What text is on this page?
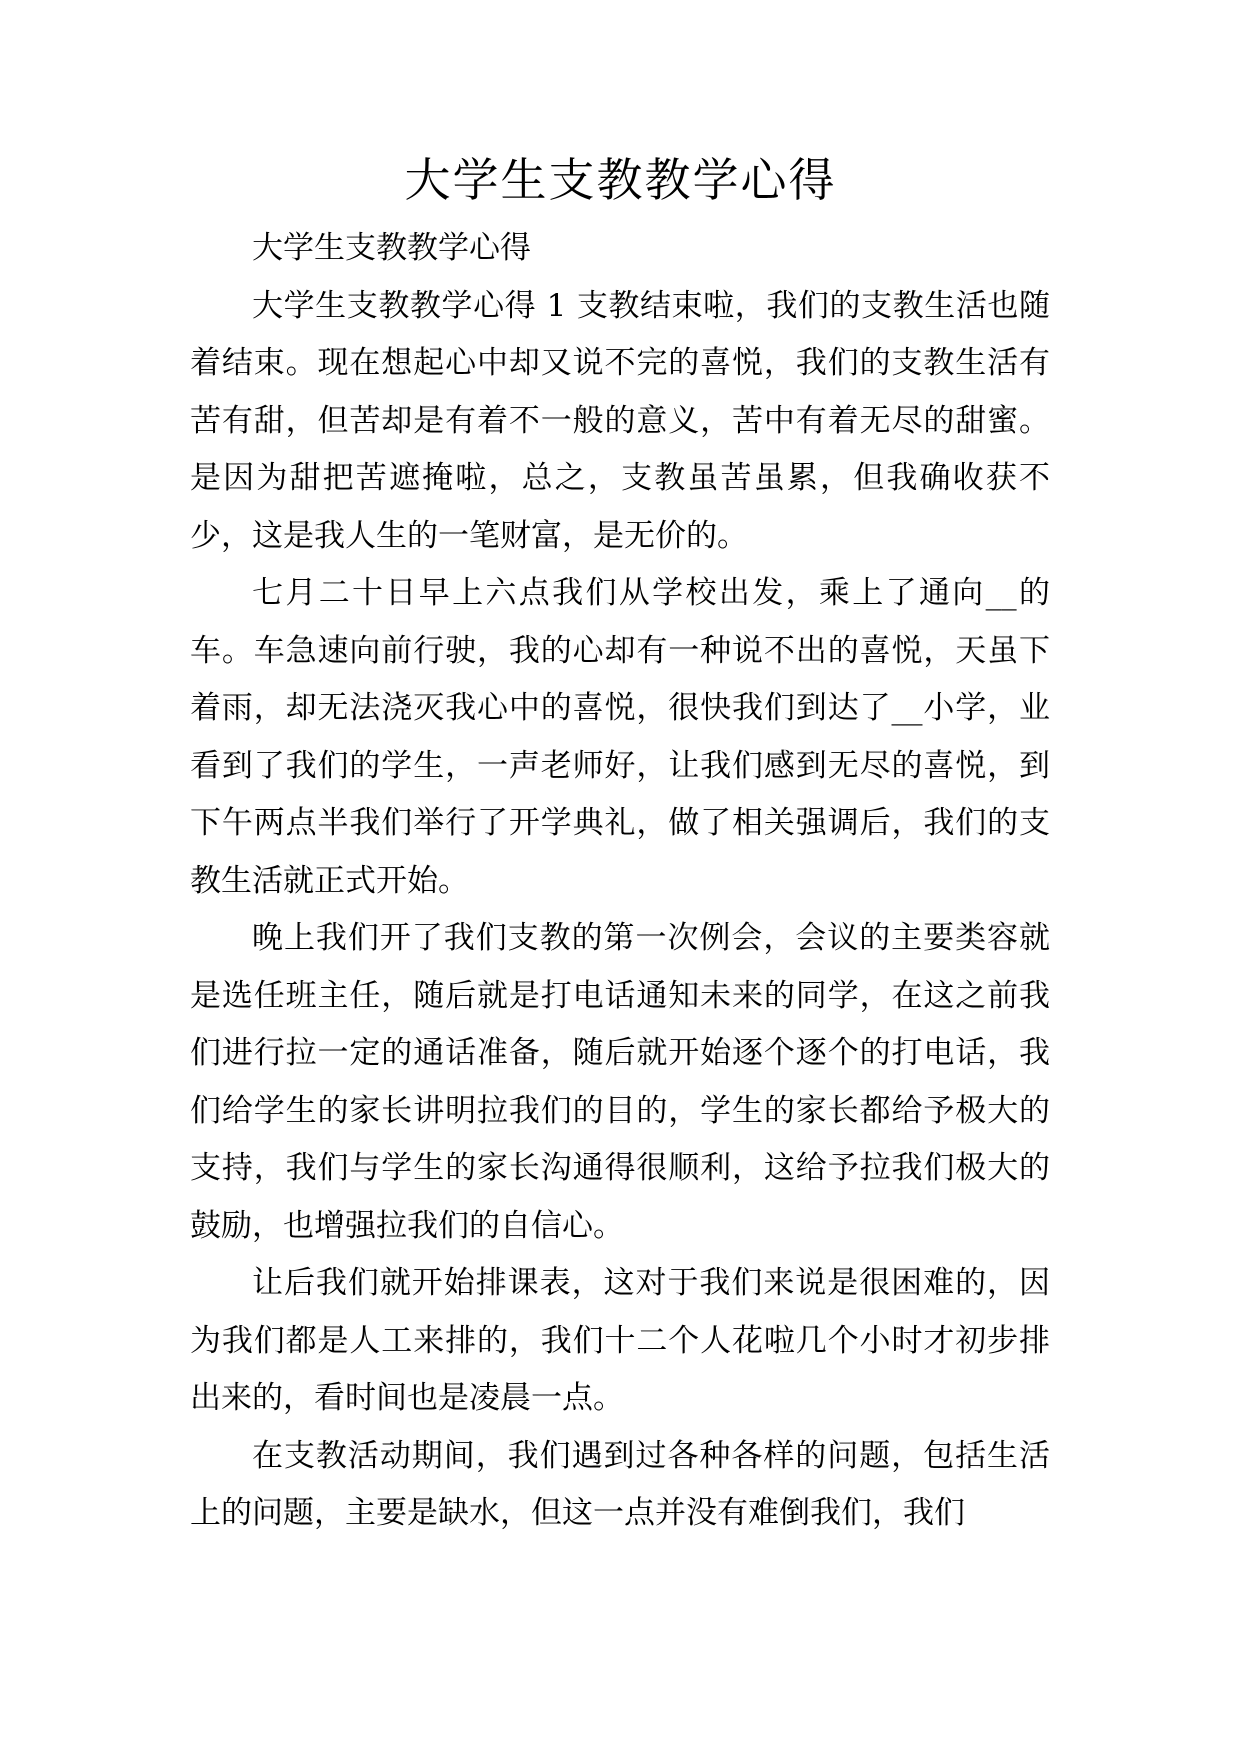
大学生支教教学心得

大学生支教教学心得

大学生支教教学心得 1 支教结束啦，我们的支教生活也随着结束。现在想起心中却又说不完的喜悦，我们的支教生活有苦有甜，但苦却是有着不一般的意义，苦中有着无尽的甜蜜。是因为甜把苦遮掩啦，总之，支教虽苦虽累，但我确收获不少，这是我人生的一笔财富，是无价的。

七月二十日早上六点我们从学校出发，乘上了通向__的车。车急速向前行驶，我的心却有一种说不出的喜悦，天虽下着雨，却无法浇灭我心中的喜悦，很快我们到达了__小学，业看到了我们的学生，一声老师好，让我们感到无尽的喜悦，到下午两点半我们举行了开学典礼，做了相关强调后，我们的支教生活就正式开始。

晚上我们开了我们支教的第一次例会，会议的主要类容就是选任班主任，随后就是打电话通知未来的同学，在这之前我们进行拉一定的通话准备，随后就开始逐个逐个的打电话，我们给学生的家长讲明拉我们的目的，学生的家长都给予极大的支持，我们与学生的家长沟通得很顺利，这给予拉我们极大的鼓励，也增强拉我们的自信心。

让后我们就开始排课表，这对于我们来说是很困难的，因为我们都是人工来排的，我们十二个人花啦几个小时才初步排出来的，看时间也是凌晨一点。

在支教活动期间，我们遇到过各种各样的问题，包括生活上的问题，主要是缺水，但这一点并没有难倒我们，我们
